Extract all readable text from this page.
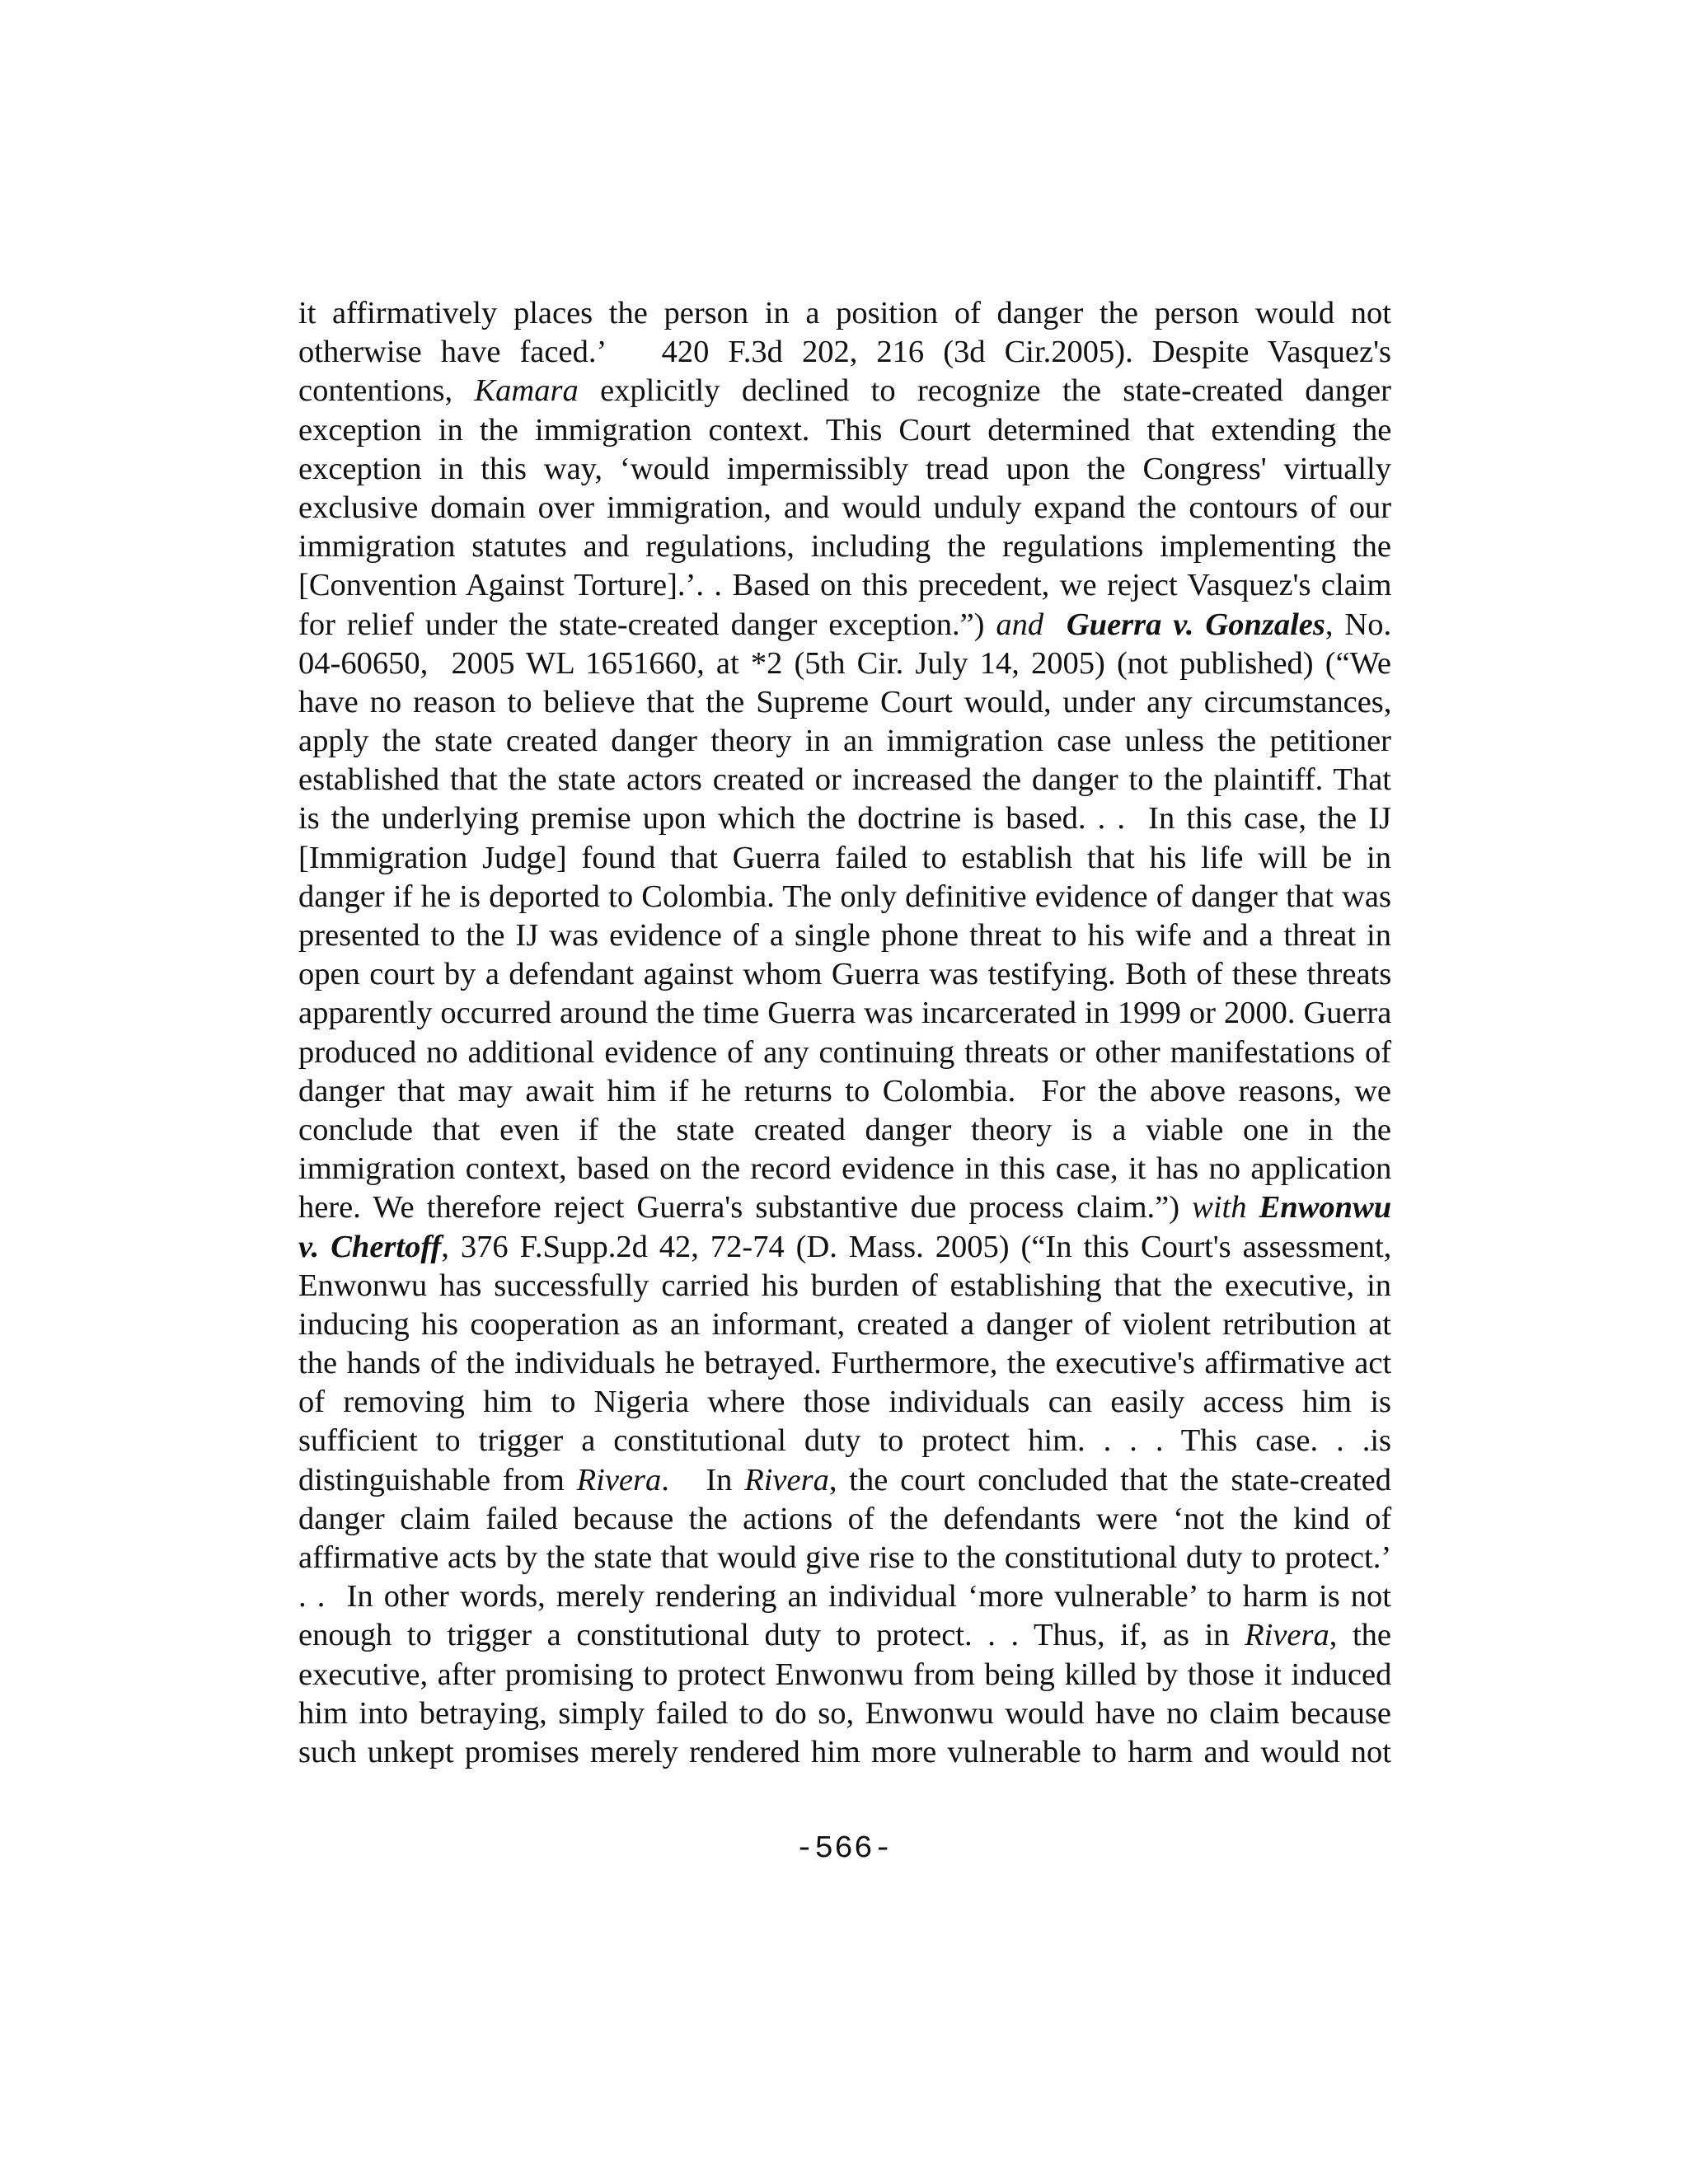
it affirmatively places the person in a position of danger the person would not
otherwise have faced.’   420 F.3d 202, 216 (3d Cir.2005). Despite Vasquez's
contentions, Kamara explicitly declined to recognize the state-created danger
exception in the immigration context. This Court determined that extending the
exception in this way, ‘would impermissibly tread upon the Congress' virtually
exclusive domain over immigration, and would unduly expand the contours of our
immigration statutes and regulations, including the regulations implementing the
[Convention Against Torture].’. . Based on this precedent, we reject Vasquez's claim
for relief under the state-created danger exception.”) and Guerra v. Gonzales, No.
04-60650,  2005 WL 1651660, at *2 (5th Cir. July 14, 2005) (not published) (“We
have no reason to believe that the Supreme Court would, under any circumstances,
apply the state created danger theory in an immigration case unless the petitioner
established that the state actors created or increased the danger to the plaintiff. That
is the underlying premise upon which the doctrine is based. . .  In this case, the IJ
[Immigration Judge] found that Guerra failed to establish that his life will be in
danger if he is deported to Colombia. The only definitive evidence of danger that was
presented to the IJ was evidence of a single phone threat to his wife and a threat in
open court by a defendant against whom Guerra was testifying. Both of these threats
apparently occurred around the time Guerra was incarcerated in 1999 or 2000. Guerra
produced no additional evidence of any continuing threats or other manifestations of
danger that may await him if he returns to Colombia.  For the above reasons, we
conclude that even if the state created danger theory is a viable one in the
immigration context, based on the record evidence in this case, it has no application
here. We therefore reject Guerra's substantive due process claim.”) with Enwonwu
v. Chertoff, 376 F.Supp.2d 42, 72-74 (D. Mass. 2005) (“In this Court's assessment,
Enwonwu has successfully carried his burden of establishing that the executive, in
inducing his cooperation as an informant, created a danger of violent retribution at
the hands of the individuals he betrayed. Furthermore, the executive's affirmative act
of removing him to Nigeria where those individuals can easily access him is
sufficient to trigger a constitutional duty to protect him. . . . This case. . .is
distinguishable from Rivera.   In Rivera, the court concluded that the state-created
danger claim failed because the actions of the defendants were ‘not the kind of
affirmative acts by the state that would give rise to the constitutional duty to protect.’
. .  In other words, merely rendering an individual ‘more vulnerable’ to harm is not
enough to trigger a constitutional duty to protect. . . Thus, if, as in Rivera, the
executive, after promising to protect Enwonwu from being killed by those it induced
him into betraying, simply failed to do so, Enwonwu would have no claim because
such unkept promises merely rendered him more vulnerable to harm and would not
-566-
